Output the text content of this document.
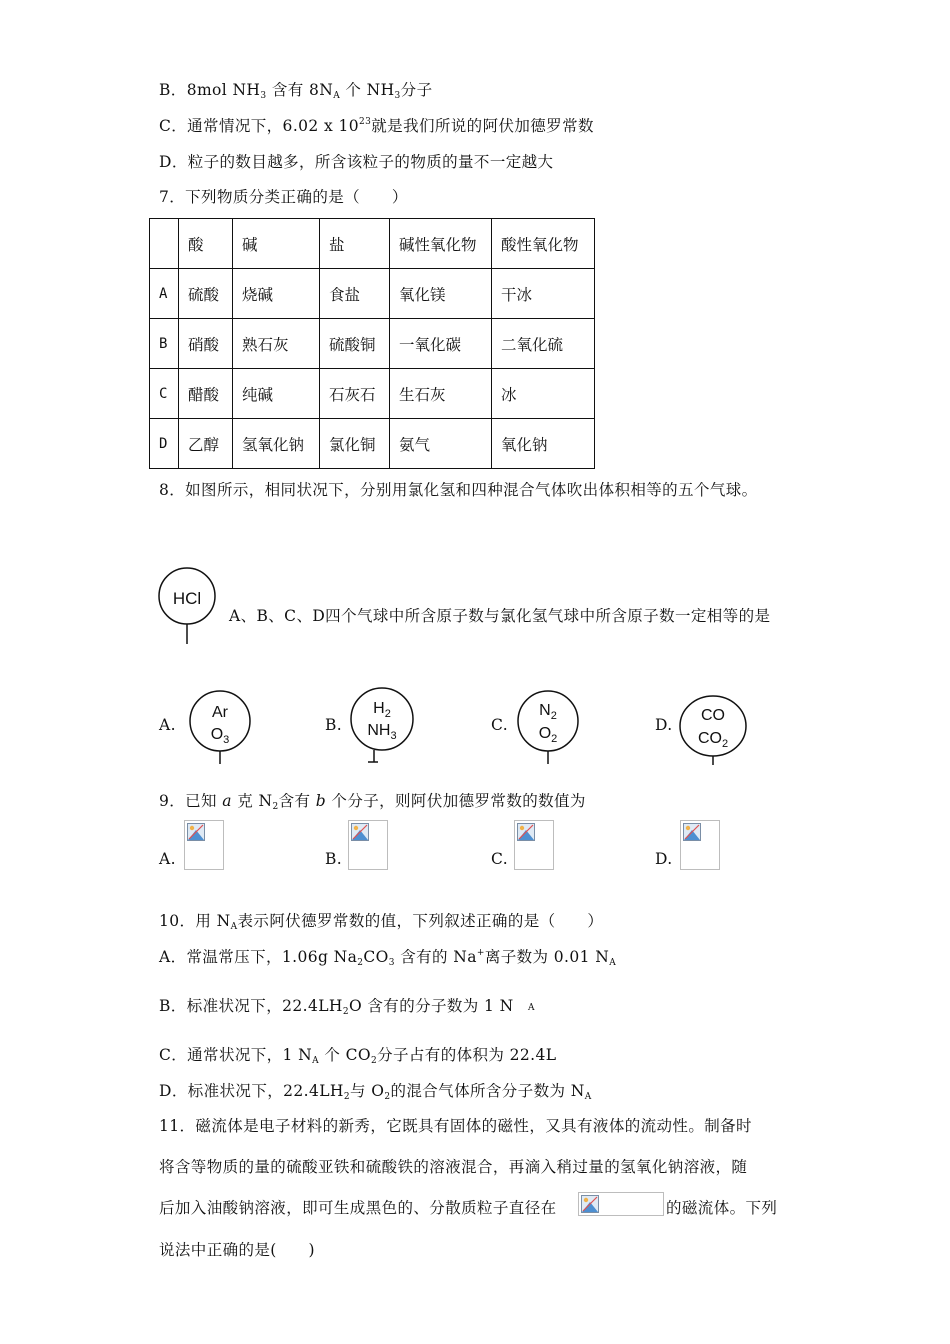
B．8mol $NH_3$ 含有 $8N_A$ 个 $NH_3$分子
C．通常情况下，6.02 x $10^{23}$就是我们所说的阿伏加德罗常数
D．粒子的数目越多，所含该粒子的物质的量不一定越大
7．下列物质分类正确的是（　　）
	酸	碱	盐	碱性氧化物	酸性氧化物
A	硫酸	烧碱	食盐	氧化镁	干冰
B	硝酸	熟石灰	硫酸铜	一氧化碳	二氧化硫
C	醋酸	纯碱	石灰石	生石灰	冰
D	乙醇	氢氧化钠	氯化铜	氨气	氧化钠
8．如图所示，相同状况下，分别用氯化氢和四种混合气体吹出体积相等的五个气球。
HCl
A、B、C、D四个气球中所含原子数与氯化氢气球中所含原子数一定相等的是
A.
Ar
$O_3$
B.
$H_2$
$NH_3$
C.
$N_2$
$O_2$
D.
CO
$CO_2$
9．已知 a 克 $N_2$含有 b 个分子，则阿伏加德罗常数的数值为
A.	B.	C.	D.
10．用 $N_A$表示阿伏德罗常数的值，下列叙述正确的是（　　）
A．常温常压下，1.06g $Na_2CO_3$ 含有的 Na+离子数为 0.01 $N_A$
B．标准状况下，$22.4LH_2O$ 含有的分子数为 1 N A
C．通常状况下，1 $N_A$ 个 $CO_2$分子占有的体积为 22.4L
D．标准状况下，$22.4LH_2$与 $O_2$的混合气体所含分子数为 $N_A$
11．磁流体是电子材料的新秀，它既具有固体的磁性，又具有液体的流动性。制备时
将含等物质的量的硫酸亚铁和硫酸铁的溶液混合，再滴入稍过量的氢氧化钠溶液，随
后加入油酸钠溶液，即可生成黑色的、分散质粒子直径在	的磁流体。下列
说法中正确的是(　　)
